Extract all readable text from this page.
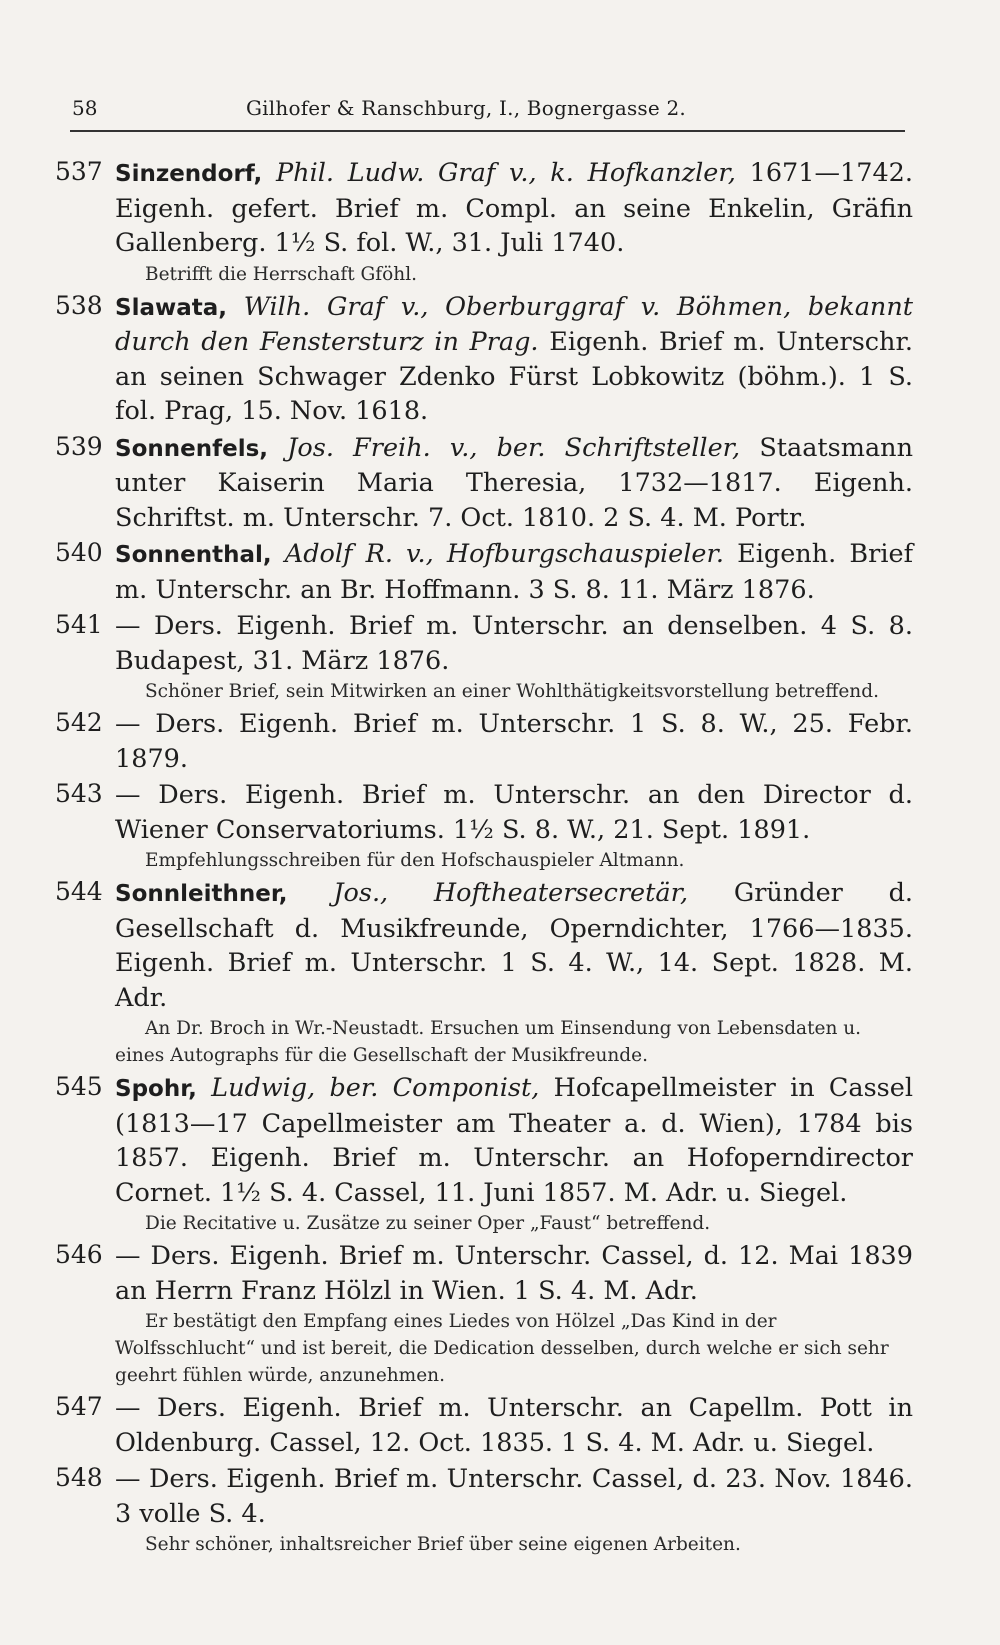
58	Gilhofer & Ranschburg, I., Bognergasse 2.
537 Sinzendorf, Phil. Ludw. Graf v., k. Hofkanzler, 1671—1742. Eigenh. gefert. Brief m. Compl. an seine Enkelin, Gräfin Gallenberg. 1½ S. fol. W., 31. Juli 1740.
Betrifft die Herrschaft Gföhl.
538 Slawata, Wilh. Graf v., Oberburggraf v. Böhmen, bekannt durch den Fenstersturz in Prag. Eigenh. Brief m. Unterschr. an seinen Schwager Zdenko Fürst Lobkowitz (böhm.). 1 S. fol. Prag, 15. Nov. 1618.
539 Sonnenfels, Jos. Freih. v., ber. Schriftsteller, Staatsmann unter Kaiserin Maria Theresia, 1732—1817. Eigenh. Schriftst. m. Unterschr. 7. Oct. 1810. 2 S. 4. M. Portr.
540 Sonnenthal, Adolf R. v., Hofburgschauspieler. Eigenh. Brief m. Unterschr. an Br. Hoffmann. 3 S. 8. 11. März 1876.
541 — Ders. Eigenh. Brief m. Unterschr. an denselben. 4 S. 8. Budapest, 31. März 1876.
Schöner Brief, sein Mitwirken an einer Wohlthätigkeitsvorstellung betreffend.
542 — Ders. Eigenh. Brief m. Unterschr. 1 S. 8. W., 25. Febr. 1879.
543 — Ders. Eigenh. Brief m. Unterschr. an den Director d. Wiener Conservatoriums. 1½ S. 8. W., 21. Sept. 1891.
Empfehlungsschreiben für den Hofschauspieler Altmann.
544 Sonnleithner, Jos., Hoftheatersecretär, Gründer d. Gesellschaft d. Musikfreunde, Operndichter, 1766—1835. Eigenh. Brief m. Unterschr. 1 S. 4. W., 14. Sept. 1828. M. Adr.
An Dr. Broch in Wr.-Neustadt. Ersuchen um Einsendung von Lebensdaten u. eines Autographs für die Gesellschaft der Musikfreunde.
545 Spohr, Ludwig, ber. Componist, Hofcapellmeister in Cassel (1813—17 Capellmeister am Theater a. d. Wien), 1784 bis 1857. Eigenh. Brief m. Unterschr. an Hofoperndirector Cornet. 1½ S. 4. Cassel, 11. Juni 1857. M. Adr. u. Siegel.
Die Recitative u. Zusätze zu seiner Oper „Faust“ betreffend.
546 — Ders. Eigenh. Brief m. Unterschr. Cassel, d. 12. Mai 1839 an Herrn Franz Hölzl in Wien. 1 S. 4. M. Adr.
Er bestätigt den Empfang eines Liedes von Hölzel „Das Kind in der Wolfsschlucht“ und ist bereit, die Dedication desselben, durch welche er sich sehr geehrt fühlen würde, anzunehmen.
547 — Ders. Eigenh. Brief m. Unterschr. an Capellm. Pott in Oldenburg. Cassel, 12. Oct. 1835. 1 S. 4. M. Adr. u. Siegel.
548 — Ders. Eigenh. Brief m. Unterschr. Cassel, d. 23. Nov. 1846. 3 volle S. 4.
Sehr schöner, inhaltsreicher Brief über seine eigenen Arbeiten.
